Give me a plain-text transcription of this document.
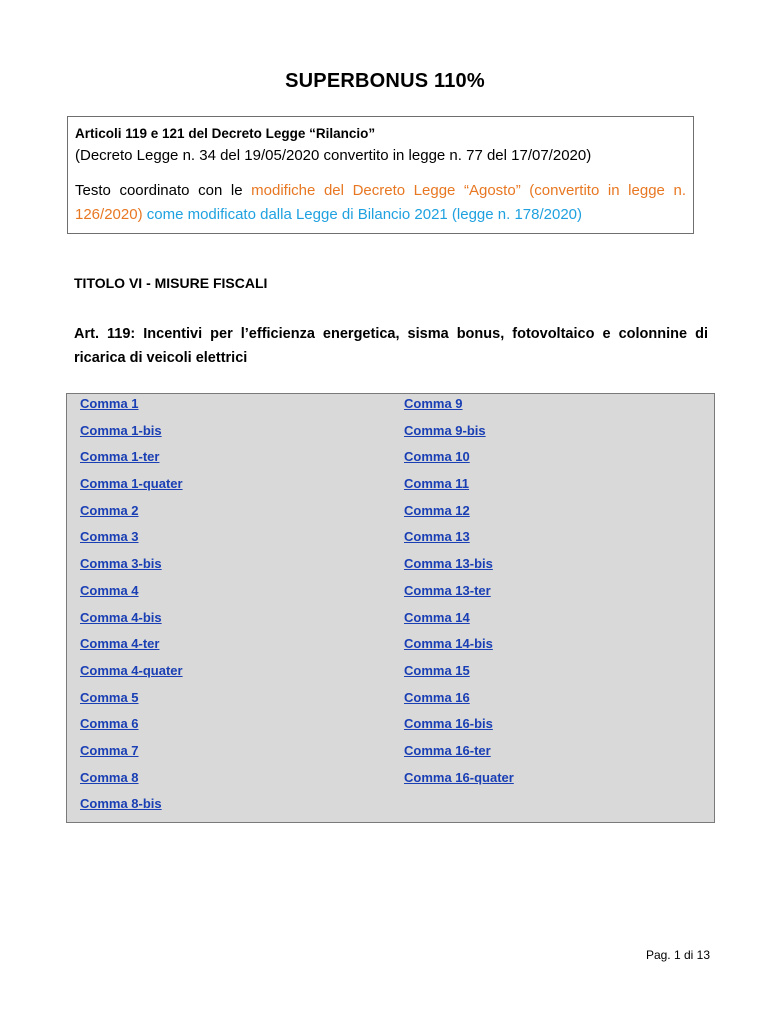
SUPERBONUS 110%
Articoli 119 e 121 del Decreto Legge “Rilancio”
(Decreto Legge n. 34 del 19/05/2020 convertito in legge n. 77 del 17/07/2020)
Testo coordinato con le modifiche del Decreto Legge “Agosto” (convertito in legge n. 126/2020) come modificato dalla Legge di Bilancio 2021 (legge n. 178/2020)
TITOLO VI - MISURE FISCALI
Art. 119: Incentivi per l’efficienza energetica, sisma bonus, fotovoltaico e colonnine di ricarica di veicoli elettrici
Comma 1
Comma 1-bis
Comma 1-ter
Comma 1-quater
Comma 2
Comma 3
Comma 3-bis
Comma 4
Comma 4-bis
Comma 4-ter
Comma 4-quater
Comma 5
Comma 6
Comma 7
Comma 8
Comma 8-bis
Comma 9
Comma 9-bis
Comma 10
Comma 11
Comma 12
Comma 13
Comma 13-bis
Comma 13-ter
Comma 14
Comma 14-bis
Comma 15
Comma 16
Comma 16-bis
Comma 16-ter
Comma 16-quater
Pag. 1 di 13
